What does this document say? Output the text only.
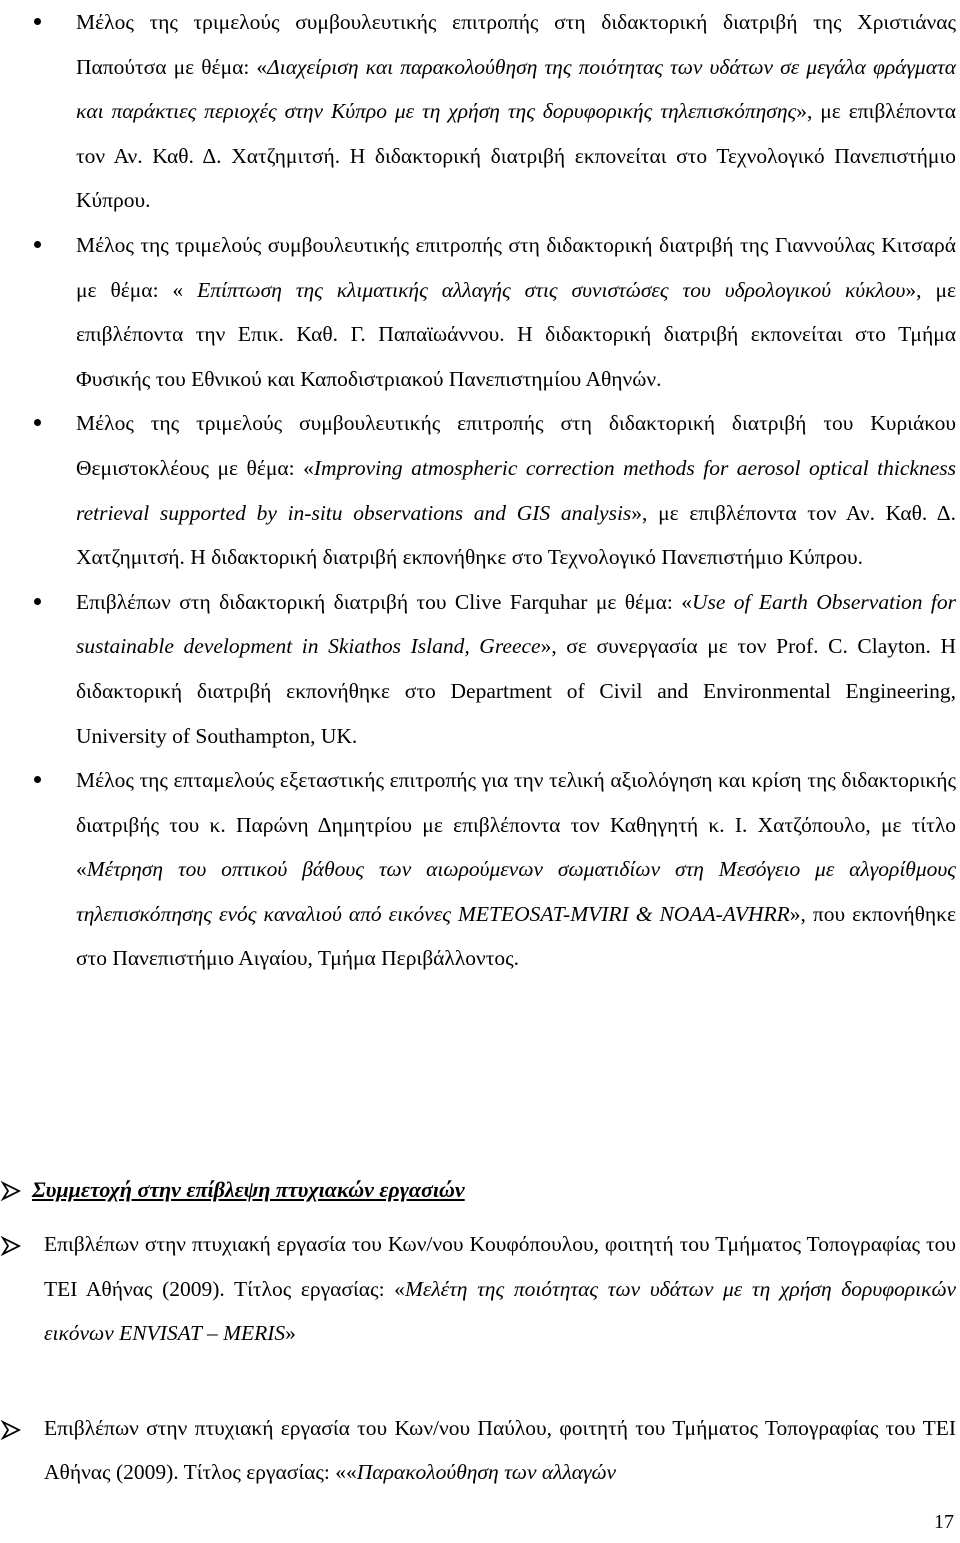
Μέλος της τριμελούς συμβουλευτικής επιτροπής στη διδακτορική διατριβή της Χριστιάνας Παπούτσα με θέμα: «Διαχείριση και παρακολούθηση της ποιότητας των υδάτων σε μεγάλα φράγματα και παράκτιες περιοχές στην Κύπρο με τη χρήση της δορυφορικής τηλεπισκόπησης», με επιβλέποντα τον Αν. Καθ. Δ. Χατζημιτσή. Η διδακτορική διατριβή εκπονείται στο Τεχνολογικό Πανεπιστήμιο Κύπρου.
Μέλος της τριμελούς συμβουλευτικής επιτροπής στη διδακτορική διατριβή της Γιαννούλας Κιτσαρά με θέμα: « Επίπτωση της κλιματικής αλλαγής στις συνιστώσες του υδρολογικού κύκλου», με επιβλέποντα την Επικ. Καθ. Γ. Παπαϊωάννου. Η διδακτορική διατριβή εκπονείται στο Τμήμα Φυσικής του Εθνικού και Καποδιστριακού Πανεπιστημίου Αθηνών.
Μέλος της τριμελούς συμβουλευτικής επιτροπής στη διδακτορική διατριβή του Κυριάκου Θεμιστοκλέους με θέμα: «Improving atmospheric correction methods for aerosol optical thickness retrieval supported by in-situ observations and GIS analysis», με επιβλέποντα τον Αν. Καθ. Δ. Χατζημιτσή. Η διδακτορική διατριβή εκπονήθηκε στο Τεχνολογικό Πανεπιστήμιο Κύπρου.
Επιβλέπων στη διδακτορική διατριβή του Clive Farquhar με θέμα: «Use of Earth Observation for sustainable development in Skiathos Island, Greece», σε συνεργασία με τον Prof. C. Clayton. Η διδακτορική διατριβή εκπονήθηκε στο Department of Civil and Environmental Engineering, University of Southampton, UK.
Μέλος της επταμελούς εξεταστικής επιτροπής για την τελική αξιολόγηση και κρίση της διδακτορικής διατριβής του κ. Παρώνη Δημητρίου με επιβλέποντα τον Καθηγητή κ. Ι. Χατζόπουλο, με τίτλο «Μέτρηση του οπτικού βάθους των αιωρούμενων σωματιδίων στη Μεσόγειο με αλγορίθμους τηλεπισκόπησης ενός καναλιού από εικόνες METEOSAT-MVIRI & NOAA-AVHRR», που εκπονήθηκε στο Πανεπιστήμιο Αιγαίου, Τμήμα Περιβάλλοντος.
Συμμετοχή στην επίβλεψη πτυχιακών εργασιών
Επιβλέπων στην πτυχιακή εργασία του Κων/νου Κουφόπουλου, φοιτητή του Τμήματος Τοπογραφίας του ΤΕΙ Αθήνας (2009). Τίτλος εργασίας: «Μελέτη της ποιότητας των υδάτων με τη χρήση δορυφορικών εικόνων ENVISAT – MERIS»
Επιβλέπων στην πτυχιακή εργασία του Κων/νου Παύλου, φοιτητή του Τμήματος Τοπογραφίας του ΤΕΙ Αθήνας (2009). Τίτλος εργασίας: ««Παρακολούθηση των αλλαγών
17
